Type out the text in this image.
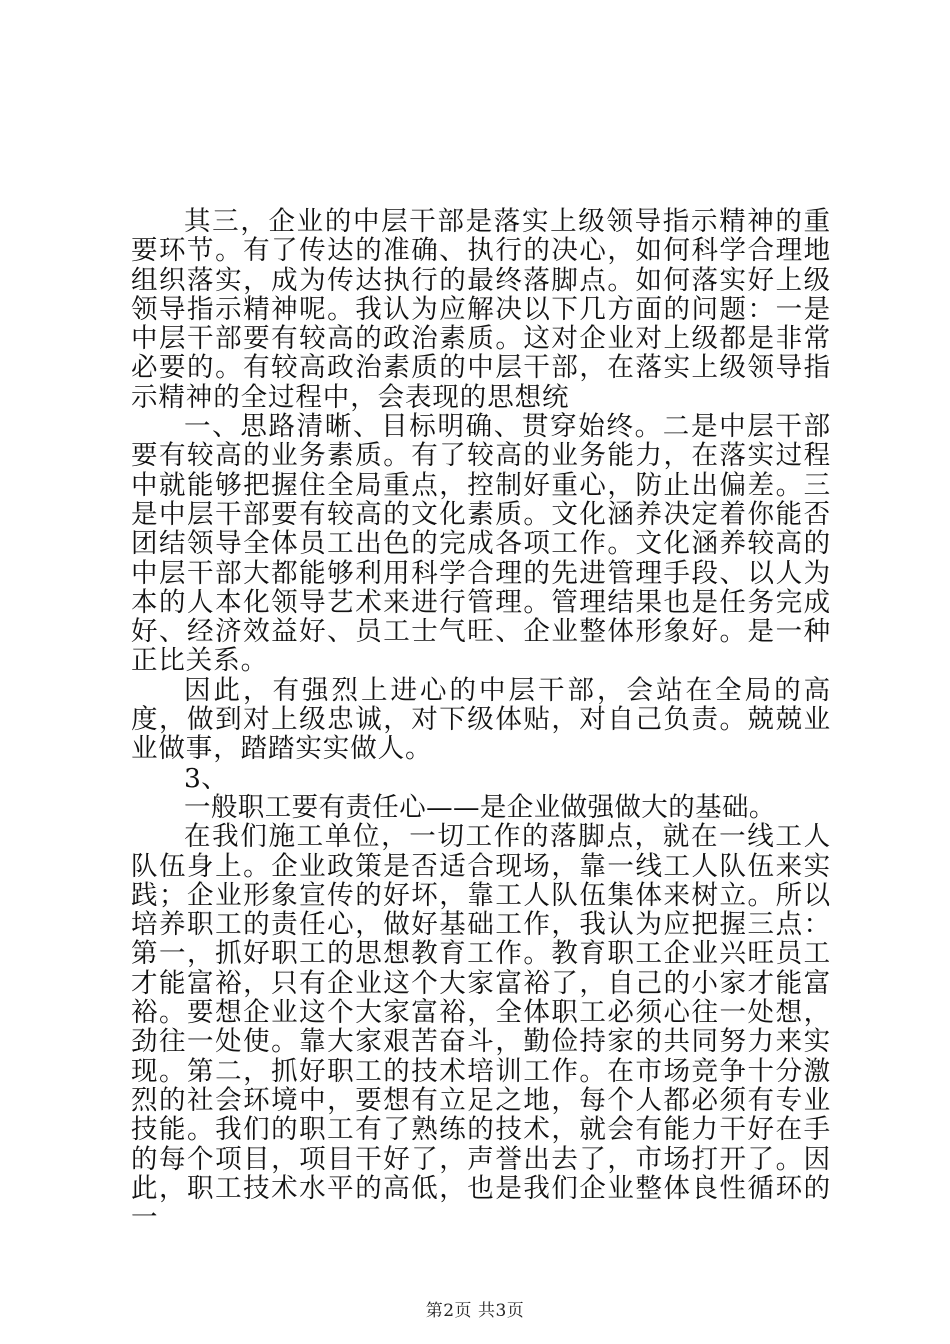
其三，企业的中层干部是落实上级领导指示精神的重要环节。有了传达的准确、执行的决心，如何科学合理地组织落实，成为传达执行的最终落脚点。如何落实好上级领导指示精神呢。我认为应解决以下几方面的问题：一是中层干部要有较高的政治素质。这对企业对上级都是非常必要的。有较高政治素质的中层干部，在落实上级领导指示精神的全过程中，会表现的思想统

一、思路清晰、目标明确、贯穿始终。二是中层干部要有较高的业务素质。有了较高的业务能力，在落实过程中就能够把握住全局重点，控制好重心，防止出偏差。三是中层干部要有较高的文化素质。文化涵养决定着你能否团结领导全体员工出色的完成各项工作。文化涵养较高的中层干部大都能够利用科学合理的先进管理手段、以人为本的人本化领导艺术来进行管理。管理结果也是任务完成好、经济效益好、员工士气旺、企业整体形象好。是一种正比关系。

因此，有强烈上进心的中层干部，会站在全局的高度，做到对上级忠诚，对下级体贴，对自己负责。兢兢业业做事，踏踏实实做人。

3、

一般职工要有责任心——是企业做强做大的基础。

在我们施工单位，一切工作的落脚点，就在一线工人队伍身上。企业政策是否适合现场，靠一线工人队伍来实践；企业形象宣传的好坏，靠工人队伍集体来树立。所以培养职工的责任心，做好基础工作，我认为应把握三点：第一，抓好职工的思想教育工作。教育职工企业兴旺员工才能富裕，只有企业这个大家富裕了，自己的小家才能富裕。要想企业这个大家富裕，全体职工必须心往一处想，劲往一处使。靠大家艰苦奋斗，勤俭持家的共同努力来实现。第二，抓好职工的技术培训工作。在市场竞争十分激烈的社会环境中，要想有立足之地，每个人都必须有专业技能。我们的职工有了熟练的技术，就会有能力干好在手的每个项目，项目干好了，声誉出去了，市场打开了。因此，职工技术水平的高低，也是我们企业整体良性循环的一

第2页 共3页
